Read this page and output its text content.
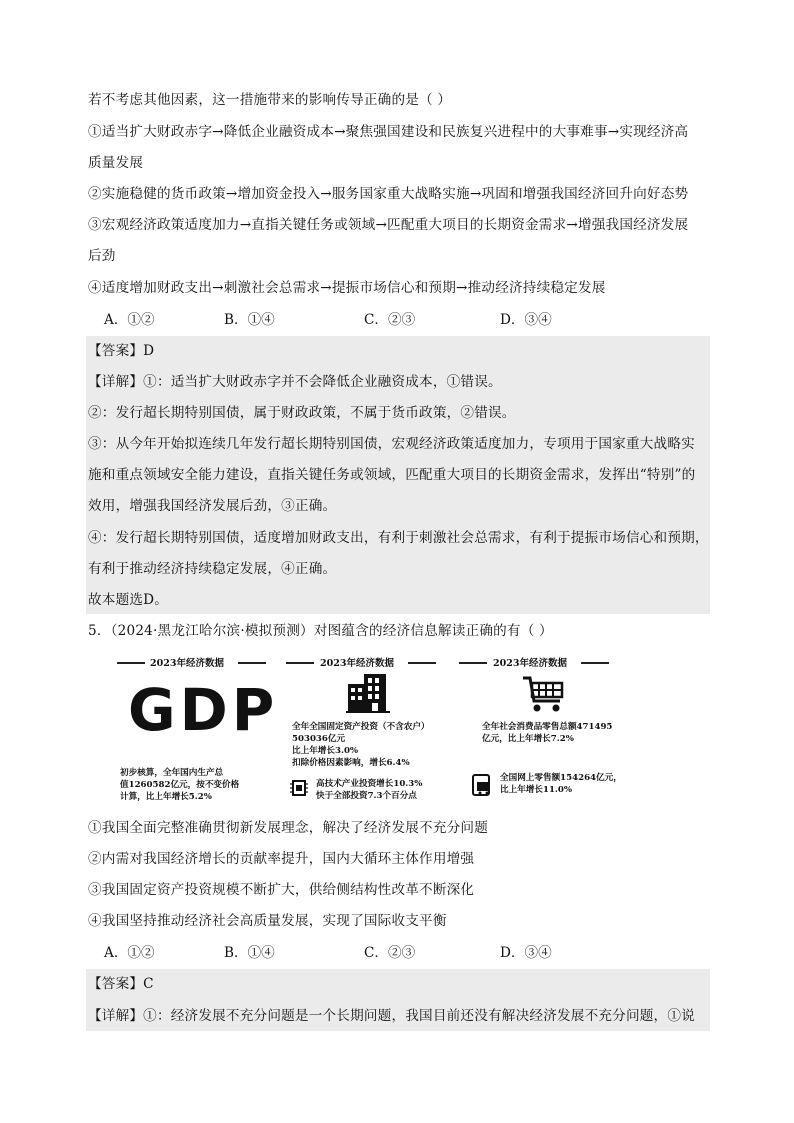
若不考虑其他因素，这一措施带来的影响传导正确的是（ ）
①适当扩大财政赤字→降低企业融资成本→聚焦强国建设和民族复兴进程中的大事难事→实现经济高
质量发展
②实施稳健的货币政策→增加资金投入→服务国家重大战略实施→巩固和增强我国经济回升向好态势
③宏观经济政策适度加力→直指关键任务或领域→匹配重大项目的长期资金需求→增强我国经济发展
后劲
④适度增加财政支出→刺激社会总需求→提振市场信心和预期→推动经济持续稳定发展
A．①②	B．①④	C．②③	D．③④
【答案】D
【详解】①：适当扩大财政赤字并不会降低企业融资成本，①错误。
②：发行超长期特别国债，属于财政政策，不属于货币政策，②错误。
③：从今年开始拟连续几年发行超长期特别国债，宏观经济政策适度加力，专项用于国家重大战略实
施和重点领域安全能力建设，直指关键任务或领域，匹配重大项目的长期资金需求，发挥出“特别”的
效用，增强我国经济发展后劲，③正确。
④：发行超长期特别国债，适度增加财政支出，有利于刺激社会总需求，有利于提振市场信心和预期，
有利于推动经济持续稳定发展，④正确。
故本题选D。
5．（2024·黑龙江哈尔滨·模拟预测）对图蕴含的经济信息解读正确的有（ ）
2023年经济数据	2023年经济数据	2023年经济数据
GDP
初步核算，全年国内生产总
值1260582亿元，按不变价格
计算，比上年增长5.2%
全年全国固定资产投资（不含农户）
503036亿元
比上年增长3.0%
扣除价格因素影响，增长6.4%
高技术产业投资增长10.3%
快于全部投资7.3个百分点
全年社会消费品零售总额471495
亿元，比上年增长7.2%
全国网上零售额154264亿元，
比上年增长11.0%
①我国全面完整准确贯彻新发展理念，解决了经济发展不充分问题
②内需对我国经济增长的贡献率提升，国内大循环主体作用增强
③我国固定资产投资规模不断扩大，供给侧结构性改革不断深化
④我国坚持推动经济社会高质量发展，实现了国际收支平衡
A．①②	B．①④	C．②③	D．③④
【答案】C
【详解】①：经济发展不充分问题是一个长期问题，我国目前还没有解决经济发展不充分问题，①说
